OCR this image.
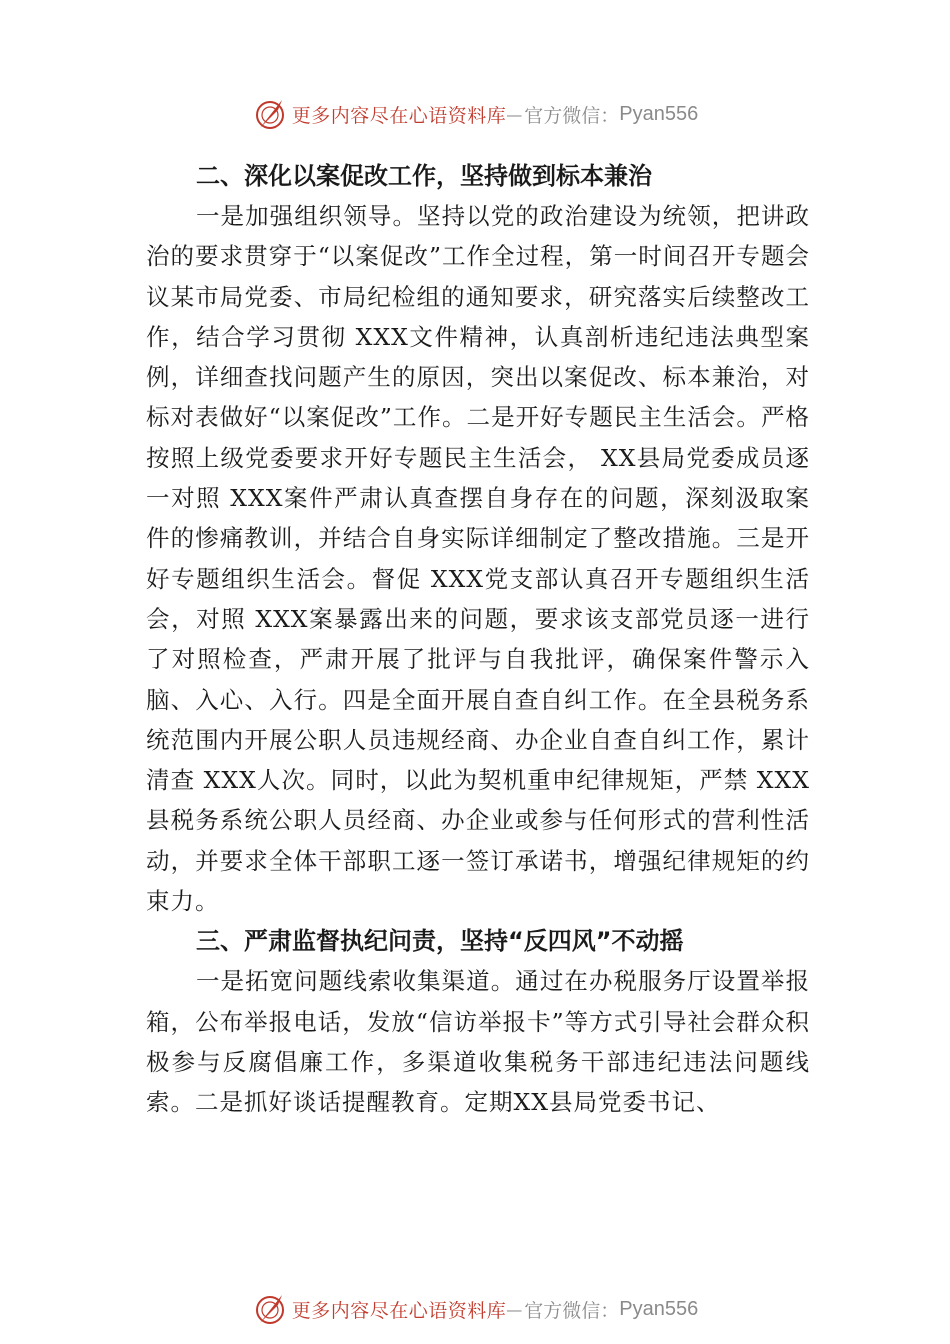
更多内容尽在心语资料库 — 官方微信： Pyan556

二、深化以案促改工作，坚持做到标本兼治

一是加强组织领导。坚持以党的政治建设为统领，把讲政治的要求贯穿于“以案促改”工作全过程，第一时间召开专题会议某市局党委、市局纪检组的通知要求，研究落实后续整改工作，结合学习贯彻 XXX文件精神，认真剖析违纪违法典型案例，详细查找问题产生的原因，突出以案促改、标本兼治，对标对表做好“以案促改”工作。二是开好专题民主生活会。严格按照上级党委要求开好专题民主生活会， XX县局党委成员逐一对照 XXX案件严肃认真查摆自身存在的问题，深刻汲取案件的惨痛教训，并结合自身实际详细制定了整改措施。三是开好专题组织生活会。督促 XXX党支部认真召开专题组织生活会，对照 XXX案暴露出来的问题，要求该支部党员逐一进行了对照检查，严肃开展了批评与自我批评，确保案件警示入脑、入心、入行。四是全面开展自查自纠工作。在全县税务系统范围内开展公职人员违规经商、办企业自查自纠工作，累计清查 XXX人次。同时，以此为契机重申纪律规矩，严禁 XXX县税务系统公职人员经商、办企业或参与任何形式的营利性活动，并要求全体干部职工逐一签订承诺书，增强纪律规矩的约束力。

三、严肃监督执纪问责，坚持“反四风”不动摇

一是拓宽问题线索收集渠道。通过在办税服务厅设置举报箱，公布举报电话，发放“信访举报卡”等方式引导社会群众积极参与反腐倡廉工作，多渠道收集税务干部违纪违法问题线索。二是抓好谈话提醒教育。定期XX县局党委书记、

更多内容尽在心语资料库 — 官方微信： Pyan556
